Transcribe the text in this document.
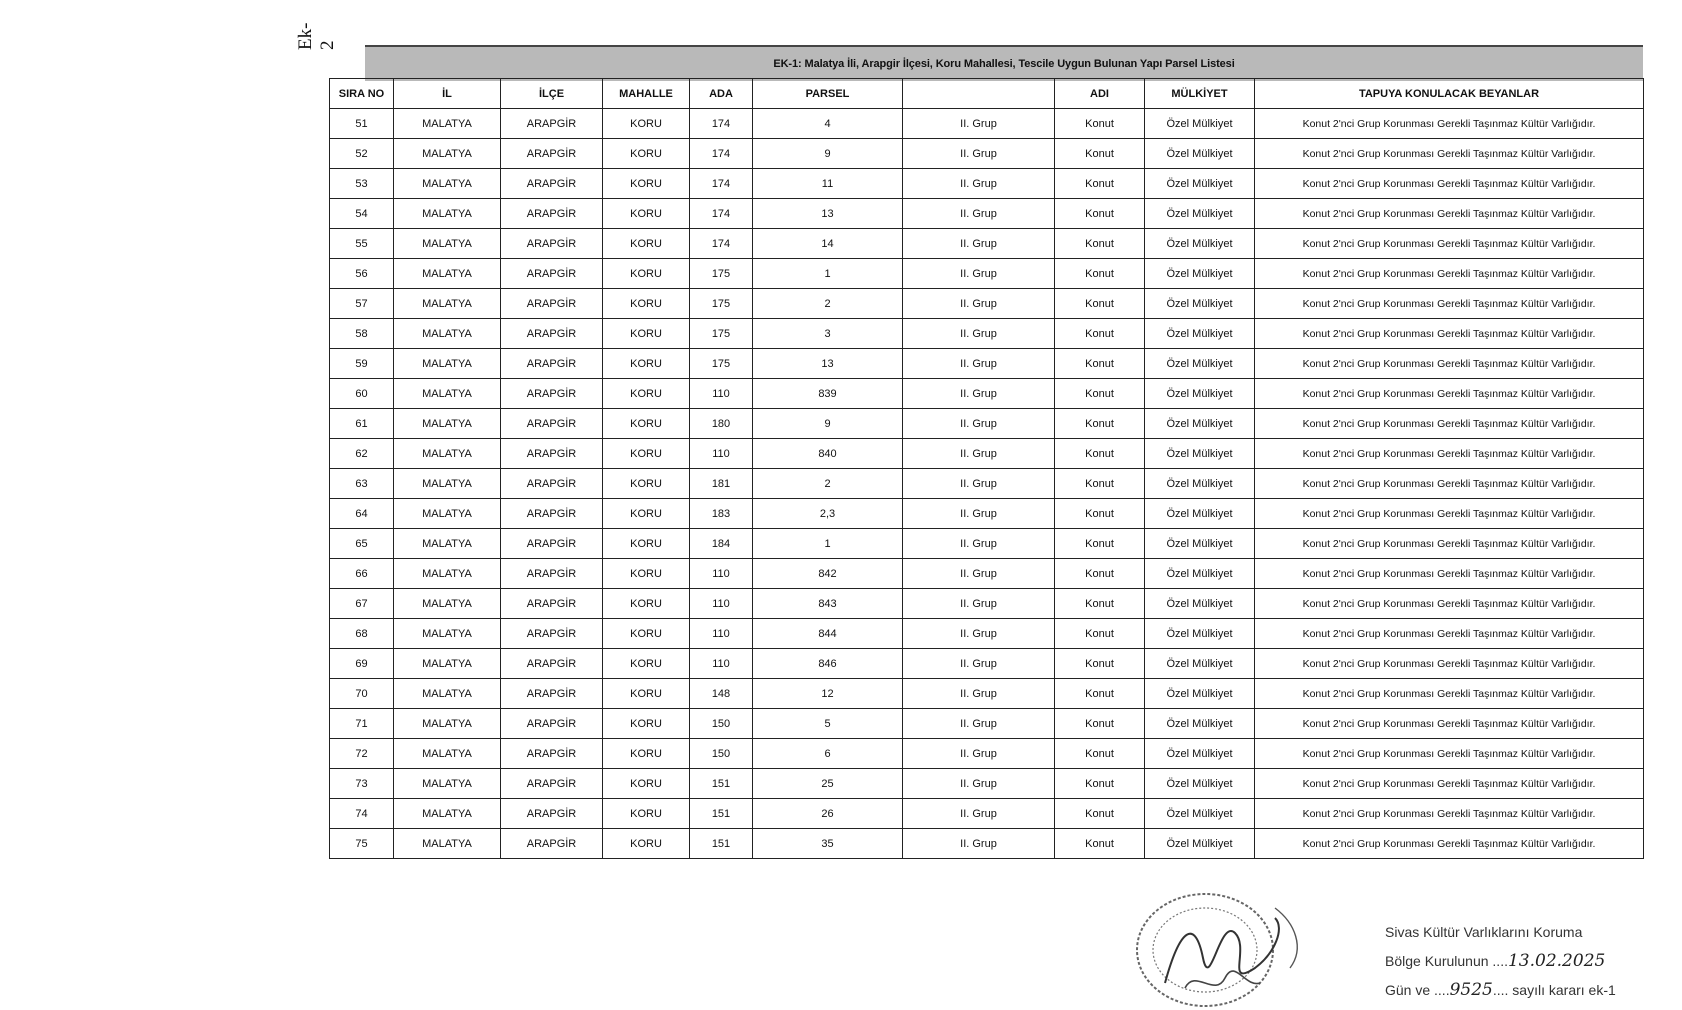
Ek-2
EK-1: Malatya İli, Arapgir İlçesi, Koru Mahallesi, Tescile Uygun Bulunan Yapı Parsel Listesi
SIRA NO	İL	İLÇE	MAHALLE	ADA	PARSEL		ADI	MÜLKİYET	TAPUYA KONULACAK BEYANLAR
51	MALATYA	ARAPGİR	KORU	174	4	II. Grup	Konut	Özel Mülkiyet	Konut 2'nci Grup Korunması Gerekli Taşınmaz Kültür Varlığıdır.
52	MALATYA	ARAPGİR	KORU	174	9	II. Grup	Konut	Özel Mülkiyet	Konut 2'nci Grup Korunması Gerekli Taşınmaz Kültür Varlığıdır.
53	MALATYA	ARAPGİR	KORU	174	11	II. Grup	Konut	Özel Mülkiyet	Konut 2'nci Grup Korunması Gerekli Taşınmaz Kültür Varlığıdır.
54	MALATYA	ARAPGİR	KORU	174	13	II. Grup	Konut	Özel Mülkiyet	Konut 2'nci Grup Korunması Gerekli Taşınmaz Kültür Varlığıdır.
55	MALATYA	ARAPGİR	KORU	174	14	II. Grup	Konut	Özel Mülkiyet	Konut 2'nci Grup Korunması Gerekli Taşınmaz Kültür Varlığıdır.
56	MALATYA	ARAPGİR	KORU	175	1	II. Grup	Konut	Özel Mülkiyet	Konut 2'nci Grup Korunması Gerekli Taşınmaz Kültür Varlığıdır.
57	MALATYA	ARAPGİR	KORU	175	2	II. Grup	Konut	Özel Mülkiyet	Konut 2'nci Grup Korunması Gerekli Taşınmaz Kültür Varlığıdır.
58	MALATYA	ARAPGİR	KORU	175	3	II. Grup	Konut	Özel Mülkiyet	Konut 2'nci Grup Korunması Gerekli Taşınmaz Kültür Varlığıdır.
59	MALATYA	ARAPGİR	KORU	175	13	II. Grup	Konut	Özel Mülkiyet	Konut 2'nci Grup Korunması Gerekli Taşınmaz Kültür Varlığıdır.
60	MALATYA	ARAPGİR	KORU	110	839	II. Grup	Konut	Özel Mülkiyet	Konut 2'nci Grup Korunması Gerekli Taşınmaz Kültür Varlığıdır.
61	MALATYA	ARAPGİR	KORU	180	9	II. Grup	Konut	Özel Mülkiyet	Konut 2'nci Grup Korunması Gerekli Taşınmaz Kültür Varlığıdır.
62	MALATYA	ARAPGİR	KORU	110	840	II. Grup	Konut	Özel Mülkiyet	Konut 2'nci Grup Korunması Gerekli Taşınmaz Kültür Varlığıdır.
63	MALATYA	ARAPGİR	KORU	181	2	II. Grup	Konut	Özel Mülkiyet	Konut 2'nci Grup Korunması Gerekli Taşınmaz Kültür Varlığıdır.
64	MALATYA	ARAPGİR	KORU	183	2,3	II. Grup	Konut	Özel Mülkiyet	Konut 2'nci Grup Korunması Gerekli Taşınmaz Kültür Varlığıdır.
65	MALATYA	ARAPGİR	KORU	184	1	II. Grup	Konut	Özel Mülkiyet	Konut 2'nci Grup Korunması Gerekli Taşınmaz Kültür Varlığıdır.
66	MALATYA	ARAPGİR	KORU	110	842	II. Grup	Konut	Özel Mülkiyet	Konut 2'nci Grup Korunması Gerekli Taşınmaz Kültür Varlığıdır.
67	MALATYA	ARAPGİR	KORU	110	843	II. Grup	Konut	Özel Mülkiyet	Konut 2'nci Grup Korunması Gerekli Taşınmaz Kültür Varlığıdır.
68	MALATYA	ARAPGİR	KORU	110	844	II. Grup	Konut	Özel Mülkiyet	Konut 2'nci Grup Korunması Gerekli Taşınmaz Kültür Varlığıdır.
69	MALATYA	ARAPGİR	KORU	110	846	II. Grup	Konut	Özel Mülkiyet	Konut 2'nci Grup Korunması Gerekli Taşınmaz Kültür Varlığıdır.
70	MALATYA	ARAPGİR	KORU	148	12	II. Grup	Konut	Özel Mülkiyet	Konut 2'nci Grup Korunması Gerekli Taşınmaz Kültür Varlığıdır.
71	MALATYA	ARAPGİR	KORU	150	5	II. Grup	Konut	Özel Mülkiyet	Konut 2'nci Grup Korunması Gerekli Taşınmaz Kültür Varlığıdır.
72	MALATYA	ARAPGİR	KORU	150	6	II. Grup	Konut	Özel Mülkiyet	Konut 2'nci Grup Korunması Gerekli Taşınmaz Kültür Varlığıdır.
73	MALATYA	ARAPGİR	KORU	151	25	II. Grup	Konut	Özel Mülkiyet	Konut 2'nci Grup Korunması Gerekli Taşınmaz Kültür Varlığıdır.
74	MALATYA	ARAPGİR	KORU	151	26	II. Grup	Konut	Özel Mülkiyet	Konut 2'nci Grup Korunması Gerekli Taşınmaz Kültür Varlığıdır.
75	MALATYA	ARAPGİR	KORU	151	35	II. Grup	Konut	Özel Mülkiyet	Konut 2'nci Grup Korunması Gerekli Taşınmaz Kültür Varlığıdır.
Sivas Kültür Varlıklarını Koruma
Bölge Kurulunun ....13.02.2025
Gün ve ....9525.... sayılı kararı ek-1
